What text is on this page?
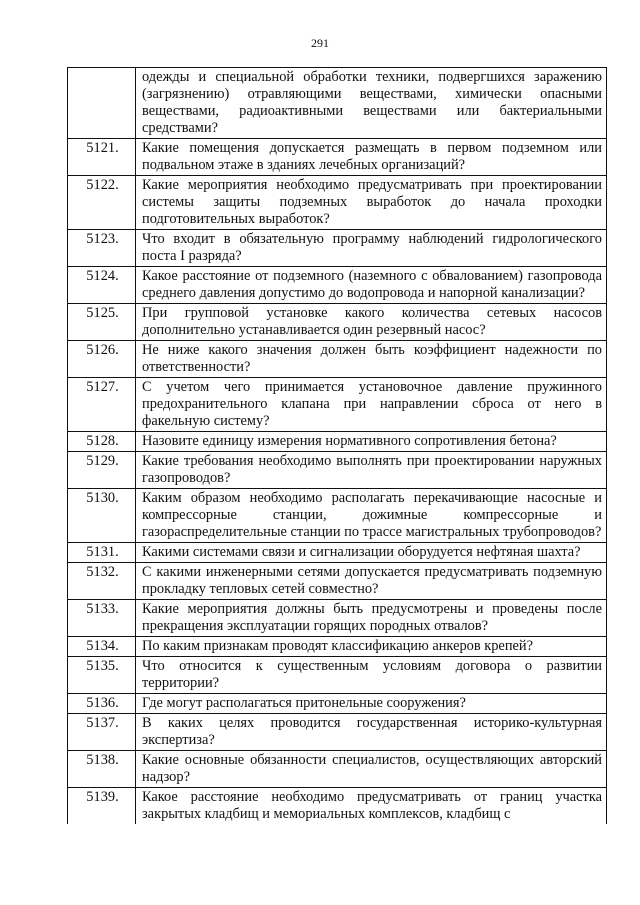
291
	одежды и специальной обработки техники, подвергшихся заражению (загрязнению) отравляющими веществами, химически опасными веществами, радиоактивными веществами или бактериальными средствами?
5121.	Какие помещения допускается размещать в первом подземном или подвальном этаже в зданиях лечебных организаций?
5122.	Какие мероприятия необходимо предусматривать при проектировании системы защиты подземных выработок до начала проходки подготовительных выработок?
5123.	Что входит в обязательную программу наблюдений гидрологического поста I разряда?
5124.	Какое расстояние от подземного (наземного с обвалованием) газопровода среднего давления допустимо до водопровода и напорной канализации?
5125.	При групповой установке какого количества сетевых насосов дополнительно устанавливается один резервный насос?
5126.	Не ниже какого значения должен быть коэффициент надежности по ответственности?
5127.	С учетом чего принимается установочное давление пружинного предохранительного клапана при направлении сброса от него в факельную систему?
5128.	Назовите единицу измерения нормативного сопротивления бетона?
5129.	Какие требования необходимо выполнять при проектировании наружных газопроводов?
5130.	Каким образом необходимо располагать перекачивающие насосные и компрессорные станции, дожимные компрессорные и газораспределительные станции по трассе магистральных трубопроводов?
5131.	Какими системами связи и сигнализации оборудуется нефтяная шахта?
5132.	С какими инженерными сетями допускается предусматривать подземную прокладку тепловых сетей совместно?
5133.	Какие мероприятия должны быть предусмотрены и проведены после прекращения эксплуатации горящих породных отвалов?
5134.	По каким признакам проводят классификацию анкеров крепей?
5135.	Что относится к существенным условиям договора о развитии территории?
5136.	Где могут располагаться притонельные сооружения?
5137.	В каких целях проводится государственная историко-культурная экспертиза?
5138.	Какие основные обязанности специалистов, осуществляющих авторский надзор?
5139.	Какое расстояние необходимо предусматривать от границ участка закрытых кладбищ и мемориальных комплексов, кладбищ с
